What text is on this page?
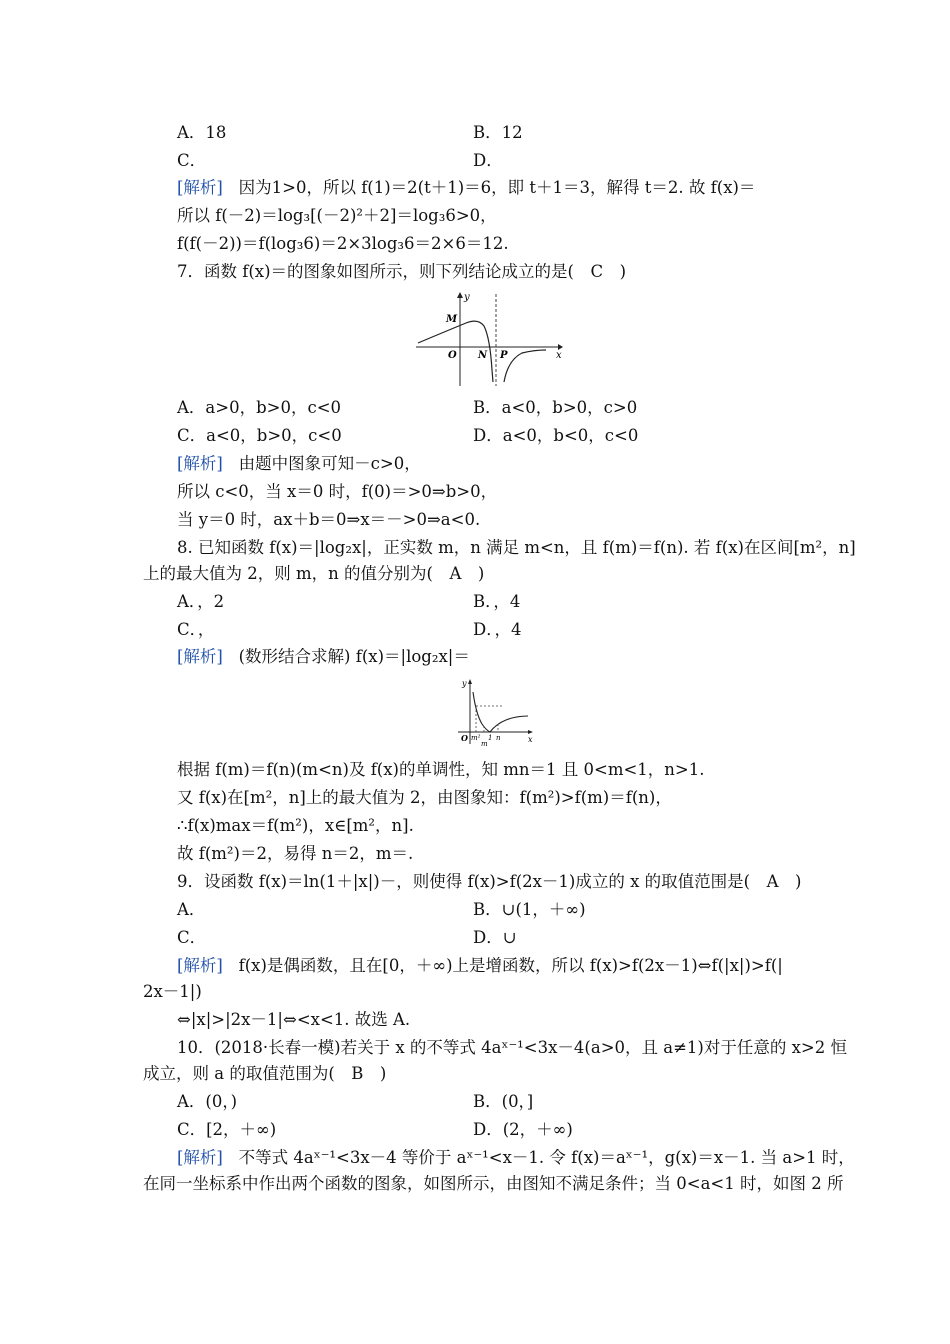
A．18	B．12
C．	D．
[解析] 因为1>0，所以 f(1)＝2(t＋1)＝6，即 t＋1＝3，解得 t＝2. 故 f(x)＝
所以 f(－2)＝log₃[(－2)²＋2]＝log₃6>0，
f(f(－2))＝f(log₃6)＝2×3log₃6＝2×6＝12.
7．函数 f(x)＝的图象如图所示，则下列结论成立的是(　C　)
y
x
M
O N P
A．a>0，b>0，c<0	B．a<0，b>0，c>0
C．a<0，b>0，c<0	D．a<0，b<0，c<0
[解析] 由题中图象可知－c>0，
所以 c<0，当 x＝0 时，f(0)＝>0⇒b>0，
当 y＝0 时，ax＋b＝0⇒x＝－>0⇒a<0.
8. 已知函数 f(x)＝|log₂x|，正实数 m，n 满足 m<n，且 f(m)＝f(n). 若 f(x)在区间[m²，n]
上的最大值为 2，则 m，n 的值分别为(　A　)
A．，2	B．，4
C．，	D．，4
[解析] (数形结合求解) f(x)＝|log₂x|＝
y
x
O m² 1 n
m
根据 f(m)＝f(n)(m<n)及 f(x)的单调性，知 mn＝1 且 0<m<1，n>1.
又 f(x)在[m²，n]上的最大值为 2，由图象知：f(m²)>f(m)＝f(n)，
∴f(x)max＝f(m²)，x∈[m²，n].
故 f(m²)＝2，易得 n＝2，m＝.
9．设函数 f(x)＝ln(1＋|x|)－，则使得 f(x)>f(2x－1)成立的 x 的取值范围是(　A　)
A．	B．∪(1，＋∞)
C．	D．∪
[解析] f(x)是偶函数，且在[0，＋∞)上是增函数，所以 f(x)>f(2x－1)⇔f(|x|)>f(|
2x－1|)
⇔|x|>|2x－1|⇔<x<1. 故选 A.
10．(2018·长春一模)若关于 x 的不等式 4aˣ⁻¹<3x－4(a>0，且 a≠1)对于任意的 x>2 恒
成立，则 a 的取值范围为(　B　)
A．(0，)	B．(0，]
C．[2，＋∞)	D．(2，＋∞)
[解析] 不等式 4aˣ⁻¹<3x－4 等价于 aˣ⁻¹<x－1. 令 f(x)＝aˣ⁻¹，g(x)＝x－1. 当 a>1 时，
在同一坐标系中作出两个函数的图象，如图所示，由图知不满足条件；当 0<a<1 时，如图 2 所
